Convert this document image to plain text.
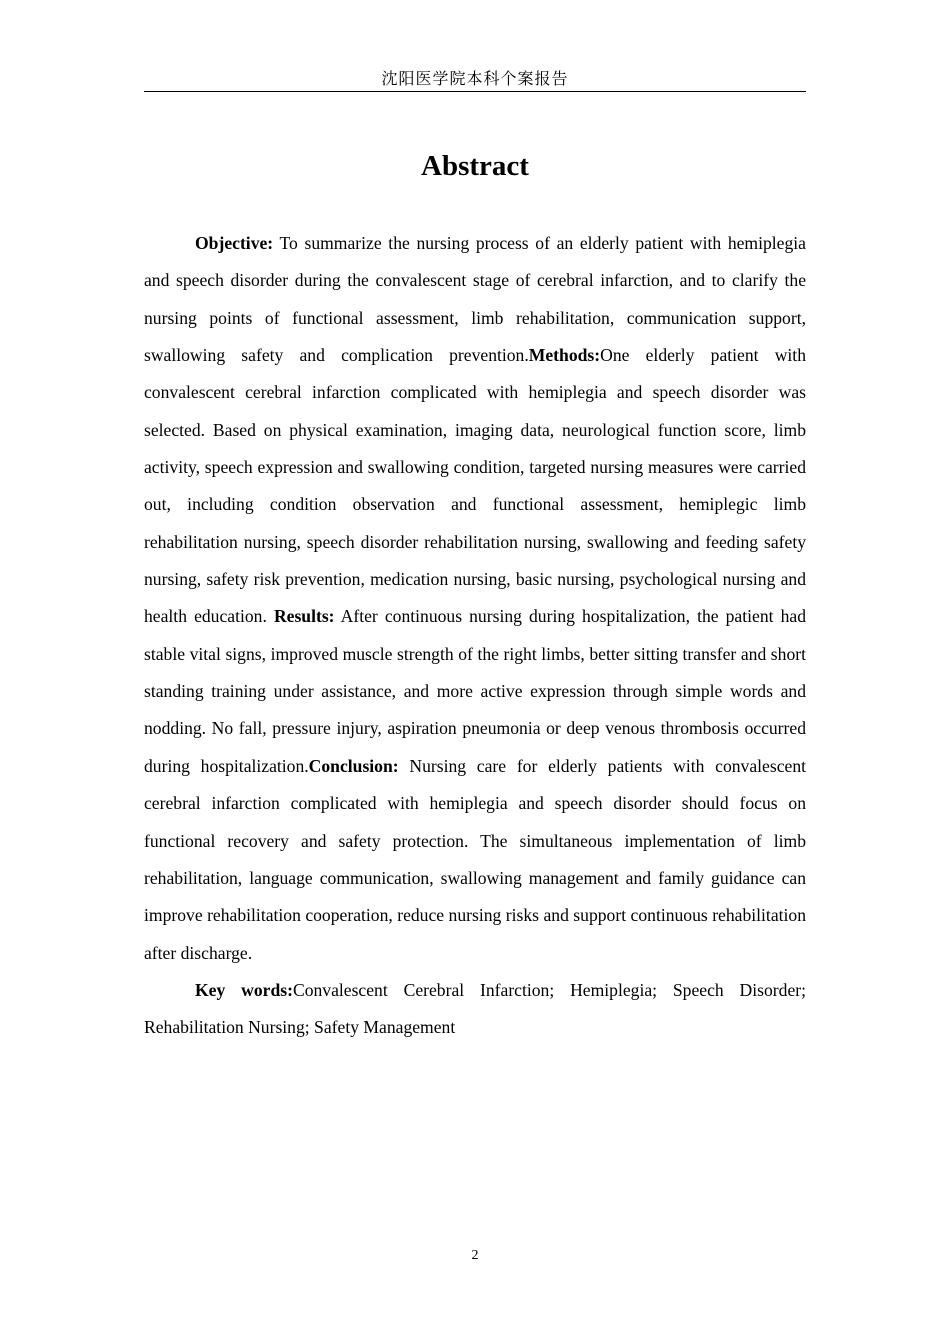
沈阳医学院本科个案报告
Abstract

Objective: To summarize the nursing process of an elderly patient with hemiplegia and speech disorder during the convalescent stage of cerebral infarction, and to clarify the nursing points of functional assessment, limb rehabilitation, communication support, swallowing safety and complication prevention.Methods:One elderly patient with convalescent cerebral infarction complicated with hemiplegia and speech disorder was selected. Based on physical examination, imaging data, neurological function score, limb activity, speech expression and swallowing condition, targeted nursing measures were carried out, including condition observation and functional assessment, hemiplegic limb rehabilitation nursing, speech disorder rehabilitation nursing, swallowing and feeding safety nursing, safety risk prevention, medication nursing, basic nursing, psychological nursing and health education. Results: After continuous nursing during hospitalization, the patient had stable vital signs, improved muscle strength of the right limbs, better sitting transfer and short standing training under assistance, and more active expression through simple words and nodding. No fall, pressure injury, aspiration pneumonia or deep venous thrombosis occurred during hospitalization.Conclusion: Nursing care for elderly patients with convalescent cerebral infarction complicated with hemiplegia and speech disorder should focus on functional recovery and safety protection. The simultaneous implementation of limb rehabilitation, language communication, swallowing management and family guidance can improve rehabilitation cooperation, reduce nursing risks and support continuous rehabilitation after discharge.

Key words:Convalescent Cerebral Infarction; Hemiplegia; Speech Disorder; Rehabilitation Nursing; Safety Management

2
